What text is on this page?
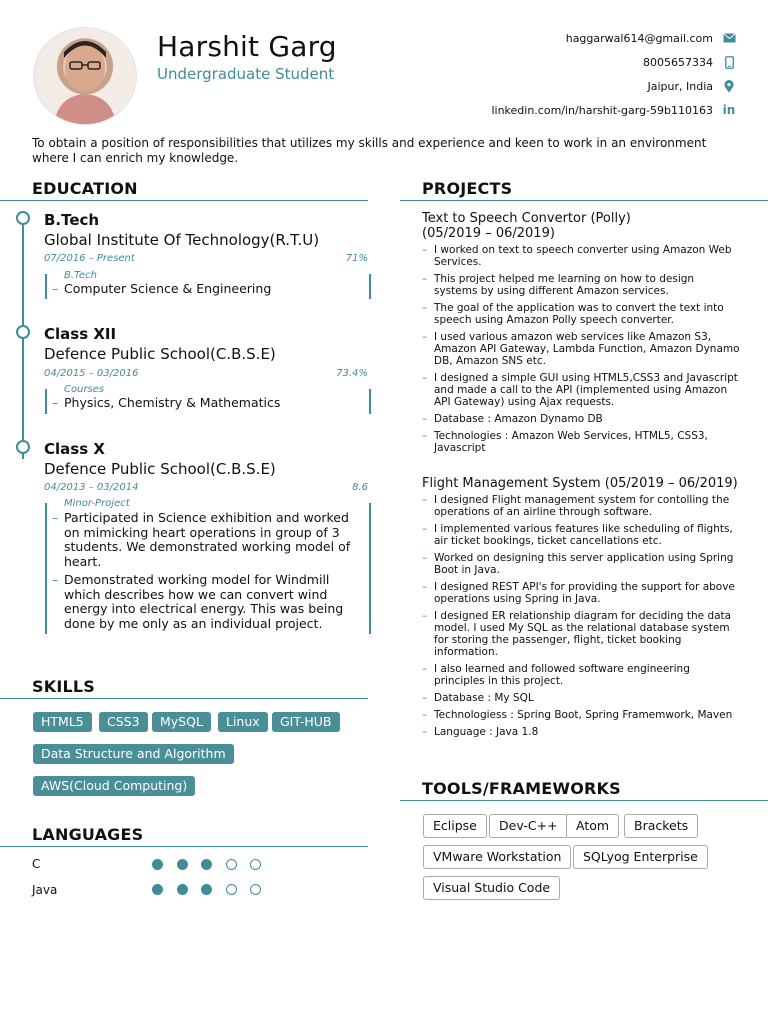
Harshit Garg
Undergraduate Student
haggarwal614@gmail.com
8005657334
Jaipur, India
linkedin.com/in/harshit-garg-59b110163 in
To obtain a position of responsibilities that utilizes my skills and experience and keen to work in an environment where I can enrich my knowledge.
EDUCATION
B.Tech
Global Institute Of Technology(R.T.U)
07/2016 – Present	71%
B.Tech
– Computer Science & Engineering
Class XII
Defence Public School(C.B.S.E)
04/2015 – 03/2016	73.4%
Courses
– Physics, Chemistry & Mathematics
Class X
Defence Public School(C.B.S.E)
04/2013 – 03/2014	8.6
Minor-Project
– Participated in Science exhibition and worked on mimicking heart operations in group of 3 students. We demonstrated working model of heart.
– Demonstrated working model for Windmill which describes how we can convert wind energy into electrical energy. This was being done by me only as an individual project.
SKILLS
HTML5	CSS3	MySQL	Linux	GIT-HUB
Data Structure and Algorithm
AWS(Cloud Computing)
LANGUAGES
C
Java
PROJECTS
Text to Speech Convertor (Polly)
(05/2019 – 06/2019)
– I worked on text to speech converter using Amazon Web Services.
– This project helped me learning on how to design systems by using different Amazon services.
– The goal of the application was to convert the text into speech using Amazon Polly speech converter.
– I used various amazon web services like Amazon S3, Amazon API Gateway, Lambda Function, Amazon Dynamo DB, Amazon SNS etc.
– I designed a simple GUI using HTML5,CSS3 and Javascript and made a call to the API (implemented using Amazon API Gateway) using Ajax requests.
– Database : Amazon Dynamo DB
– Technologies : Amazon Web Services, HTML5, CSS3, Javascript
Flight Management System (05/2019 – 06/2019)
– I designed Flight management system for contolling the operations of an airline through software.
– I implemented various features like scheduling of flights, air ticket bookings, ticket cancellations etc.
– Worked on designing this server application using Spring Boot in Java.
– I designed REST API's for providing the support for above operations using Spring in Java.
– I designed ER relationship diagram for deciding the data model. I used My SQL as the relational database system for storing the passenger, flight, ticket booking information.
– I also learned and followed software engineering principles in this project.
– Database : My SQL
– Technologiess : Spring Boot, Spring Framemwork, Maven
– Language : Java 1.8
TOOLS/FRAMEWORKS
Eclipse	Dev-C++	Atom	Brackets
VMware Workstation	SQLyog Enterprise
Visual Studio Code
